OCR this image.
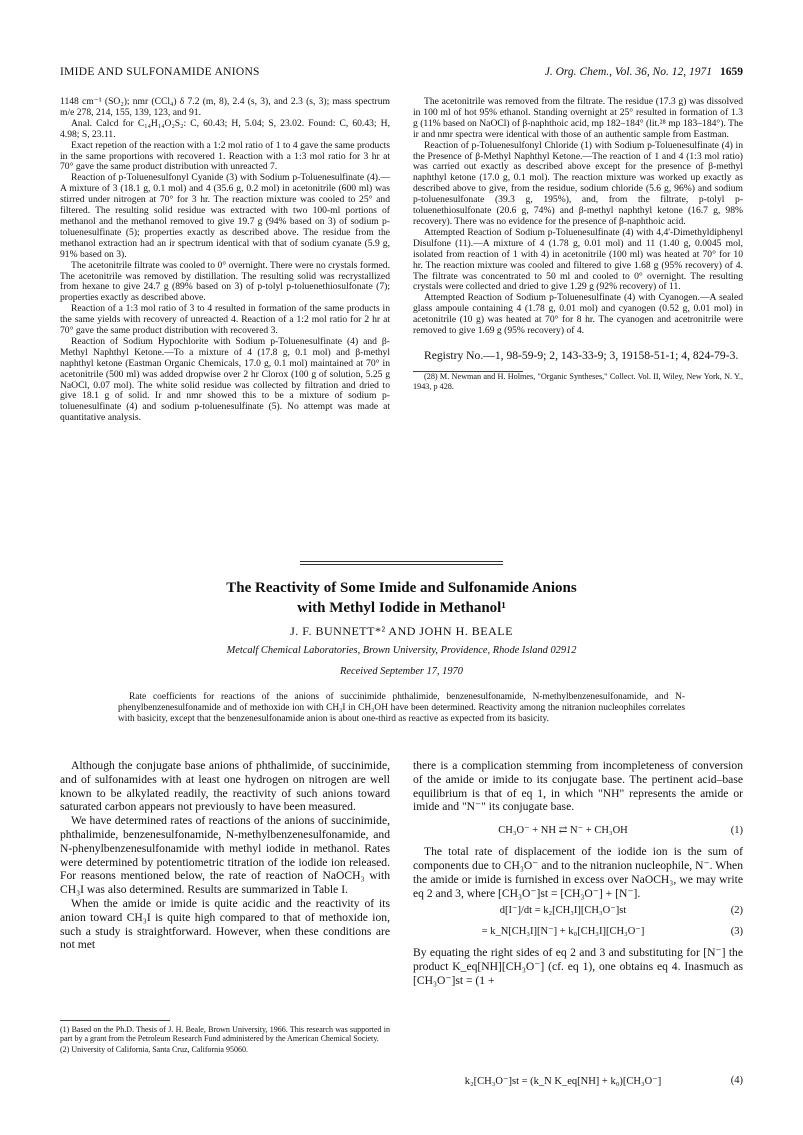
IMIDE AND SULFONAMIDE ANIONS	J. Org. Chem., Vol. 36, No. 12, 1971 1659

1148 cm⁻¹ (SO₂); nmr (CCl₄) δ 7.2 (m, 8), 2.4 (s, 3), and 2.3 (s, 3); mass spectrum m/e 278, 214, 155, 139, 123, and 91.

Anal. Calcd for C₁₄H₁₄O₂S₂: C, 60.43; H, 5.04; S, 23.02. Found: C, 60.43; H, 4.98; S, 23.11.

Exact repetion of the reaction with a 1:2 mol ratio of 1 to 4 gave the same products in the same proportions with recovered 1. Reaction with a 1:3 mol ratio for 3 hr at 70° gave the same product distribution with unreacted 7.

Reaction of p-Toluenesulfonyl Cyanide (3) with Sodium p-Toluenesulfinate (4).—A mixture of 3 (18.1 g, 0.1 mol) and 4 (35.6 g, 0.2 mol) in acetonitrile (600 ml) was stirred under nitrogen at 70° for 3 hr. The reaction mixture was cooled to 25° and filtered. The resulting solid residue was extracted with two 100-ml portions of methanol and the methanol removed to give 19.7 g (94% based on 3) of sodium p-toluenesulfinate (5); properties exactly as described above. The residue from the methanol extraction had an ir spectrum identical with that of sodium cyanate (5.9 g, 91% based on 3).

The acetonitrile filtrate was cooled to 0° overnight. There were no crystals formed. The acetonitrile was removed by distillation. The resulting solid was recrystallized from hexane to give 24.7 g (89% based on 3) of p-tolyl p-toluenethiosulfonate (7); properties exactly as described above.

Reaction of a 1:3 mol ratio of 3 to 4 resulted in formation of the same products in the same yields with recovery of unreacted 4. Reaction of a 1:2 mol ratio for 2 hr at 70° gave the same product distribution with recovered 3.

Reaction of Sodium Hypochlorite with Sodium p-Toluenesulfinate (4) and β-Methyl Naphthyl Ketone.—To a mixture of 4 (17.8 g, 0.1 mol) and β-methyl naphthyl ketone (Eastman Organic Chemicals, 17.0 g, 0.1 mol) maintained at 70° in acetonitrile (500 ml) was added dropwise over 2 hr Clorox (100 g of solution, 5.25 g NaOCl, 0.07 mol). The white solid residue was collected by filtration and dried to give 18.1 g of solid. Ir and nmr showed this to be a mixture of sodium p-toluenesulfinate (4) and sodium p-toluenesulfinate (5). No attempt was made at quantitative analysis.

The acetonitrile was removed from the filtrate. The residue (17.3 g) was dissolved in 100 ml of hot 95% ethanol. Standing overnight at 25° resulted in formation of 1.3 g (11% based on NaOCl) of β-naphthoic acid, mp 182–184° (lit.²⁸ mp 183–184°). The ir and nmr spectra were identical with those of an authentic sample from Eastman.

Reaction of p-Toluenesulfonyl Chloride (1) with Sodium p-Toluenesulfinate (4) in the Presence of β-Methyl Naphthyl Ketone.—The reaction of 1 and 4 (1:3 mol ratio) was carried out exactly as described above except for the presence of β-methyl naphthyl ketone (17.0 g, 0.1 mol). The reaction mixture was worked up exactly as described above to give, from the residue, sodium chloride (5.6 g, 96%) and sodium p-toluenesulfonate (39.3 g, 195%), and, from the filtrate, p-tolyl p-toluenethiosulfonate (20.6 g, 74%) and β-methyl naphthyl ketone (16.7 g, 98% recovery). There was no evidence for the presence of β-naphthoic acid.

Attempted Reaction of Sodium p-Toluenesulfinate (4) with 4,4'-Dimethyldiphenyl Disulfone (11).—A mixture of 4 (1.78 g, 0.01 mol) and 11 (1.40 g, 0.0045 mol, isolated from reaction of 1 with 4) in acetonitrile (100 ml) was heated at 70° for 10 hr. The reaction mixture was cooled and filtered to give 1.68 g (95% recovery) of 4. The filtrate was concentrated to 50 ml and cooled to 0° overnight. The resulting crystals were collected and dried to give 1.29 g (92% recovery) of 11.

Attempted Reaction of Sodium p-Toluenesulfinate (4) with Cyanogen.—A sealed glass ampoule containing 4 (1.78 g, 0.01 mol) and cyanogen (0.52 g, 0.01 mol) in acetonitrile (10 g) was heated at 70° for 8 hr. The cyanogen and acetronitrile were removed to give 1.69 g (95% recovery) of 4.

Registry No.—1, 98-59-9; 2, 143-33-9; 3, 19158-51-1; 4, 824-79-3.

(28) M. Newman and H. Holmes, "Organic Syntheses," Collect. Vol. II, Wiley, New York, N. Y., 1943, p 428.

The Reactivity of Some Imide and Sulfonamide Anions
with Methyl Iodide in Methanol¹
J. F. BUNNETT*² AND JOHN H. BEALE
Metcalf Chemical Laboratories, Brown University, Providence, Rhode Island 02912
Received September 17, 1970

Rate coefficients for reactions of the anions of succinimide phthalimide, benzenesulfonamide, N-methylbenzenesulfonamide, and N-phenylbenzenesulfonamide and of methoxide ion with CH₃I in CH₃OH have been determined. Reactivity among the nitranion nucleophiles correlates with basicity, except that the benzenesulfonamide anion is about one-third as reactive as expected from its basicity.

Although the conjugate base anions of phthalimide, of succinimide, and of sulfonamides with at least one hydrogen on nitrogen are well known to be alkylated readily, the reactivity of such anions toward saturated carbon appears not previously to have been measured.

We have determined rates of reactions of the anions of succinimide, phthalimide, benzenesulfonamide, N-methylbenzenesulfonamide, and N-phenylbenzenesulfonamide with methyl iodide in methanol. Rates were determined by potentiometric titration of the iodide ion released. For reasons mentioned below, the rate of reaction of NaOCH₃ with CH₃I was also determined. Results are summarized in Table I.

When the amide or imide is quite acidic and the reactivity of its anion toward CH₃I is quite high compared to that of methoxide ion, such a study is straightforward. However, when these conditions are not met

there is a complication stemming from incompleteness of conversion of the amide or imide to its conjugate base. The pertinent acid–base equilibrium is that of eq 1, in which "NH" represents the amide or imide and "N⁻" its conjugate base.

CH₃O⁻ + NH ⇄ N⁻ + CH₃OH	(1)

The total rate of displacement of the iodide ion is the sum of components due to CH₃O⁻ and to the nitranion nucleophile, N⁻. When the amide or imide is furnished in excess over NaOCH₃, we may write eq 2 and 3, where [CH₃O⁻]st = [CH₃O⁻] + [N⁻].

d[I⁻]/dt = k₂[CH₃I][CH₃O⁻]st	(2)
= k_N[CH₃I][N⁻] + k₀[CH₃I][CH₃O⁻]	(3)

By equating the right sides of eq 2 and 3 and substituting for [N⁻] the product K_eq[NH][CH₃O⁻] (cf. eq 1), one obtains eq 4. Inasmuch as [CH₃O⁻]st = (1 +

(1) Based on the Ph.D. Thesis of J. H. Beale, Brown University, 1966. This research was supported in part by a grant from the Petroleum Research Fund administered by the American Chemical Society.

(2) University of California, Santa Cruz, California 95060.

k₂[CH₃O⁻]st = (k_N K_eq[NH] + k₀)[CH₃O⁻]	(4)
